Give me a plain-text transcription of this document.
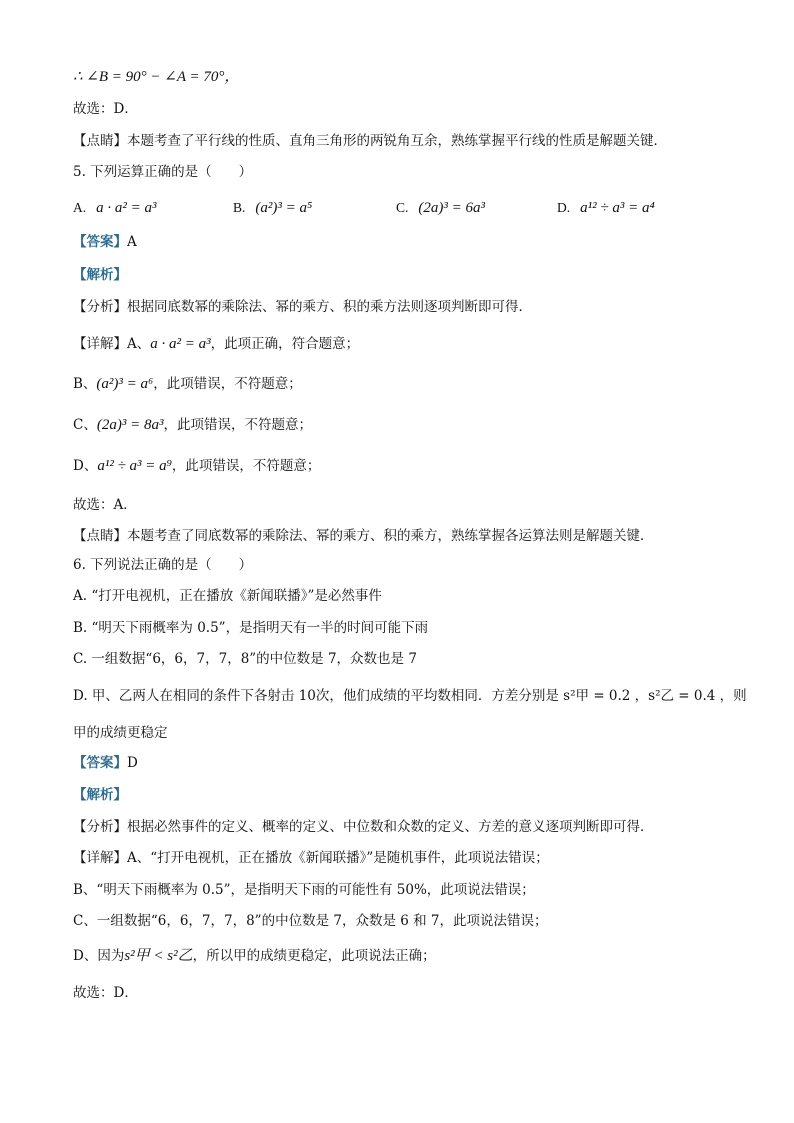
∴ ∠B = 90° − ∠A = 70°，
故选：D．
【点睛】本题考查了平行线的性质、直角三角形的两锐角互余，熟练掌握平行线的性质是解题关键．
5. 下列运算正确的是（　　）
A. a · a² = a³	B. (a²)³ = a⁵	C. (2a)³ = 6a³	D. a¹² ÷ a³ = a⁴
【答案】A
【解析】
【分析】根据同底数幂的乘除法、幂的乘方、积的乘方法则逐项判断即可得．
【详解】A、a · a² = a³，此项正确，符合题意；
B、(a²)³ = a⁶，此项错误，不符题意；
C、(2a)³ = 8a³，此项错误，不符题意；
D、a¹² ÷ a³ = a⁹，此项错误，不符题意；
故选：A．
【点睛】本题考查了同底数幂的乘除法、幂的乘方、积的乘方，熟练掌握各运算法则是解题关键．
6. 下列说法正确的是（　　）
A. “打开电视机，正在播放《新闻联播》”是必然事件
B. “明天下雨概率为 0.5”，是指明天有一半的时间可能下雨
C. 一组数据“6，6，7，7，8”的中位数是 7，众数也是 7
D. 甲、乙两人在相同的条件下各射击 10次，他们成绩的平均数相同．方差分别是 s²甲 = 0.2 ，s²乙 = 0.4 ，则
甲的成绩更稳定
【答案】D
【解析】
【分析】根据必然事件的定义、概率的定义、中位数和众数的定义、方差的意义逐项判断即可得．
【详解】A、“打开电视机，正在播放《新闻联播》”是随机事件，此项说法错误；
B、“明天下雨概率为 0.5”，是指明天下雨的可能性有 50%，此项说法错误；
C、一组数据“6，6，7，7，8”的中位数是 7，众数是 6 和 7，此项说法错误；
D、因为s²甲 < s²乙，所以甲的成绩更稳定，此项说法正确；
故选：D．
